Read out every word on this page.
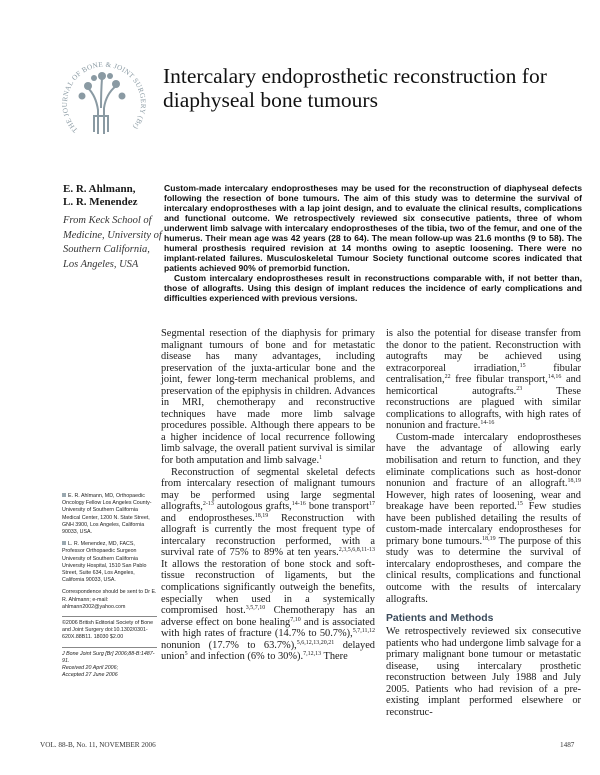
THE JOURNAL OF BONE & JOINT SURGERY (Br)
Intercalary endoprosthetic reconstruction for diaphyseal bone tumours
E. R. Ahlmann,
L. R. Menendez
From Keck School of Medicine, University of Southern California, Los Angeles, USA

Custom-made intercalary endoprostheses may be used for the reconstruction of diaphyseal defects following the resection of bone tumours. The aim of this study was to determine the survival of intercalary endoprostheses with a lap joint design, and to evaluate the clinical results, complications and functional outcome. We retrospectively reviewed six consecutive patients, three of whom underwent limb salvage with intercalary endoprostheses of the tibia, two of the femur, and one of the humerus. Their mean age was 42 years (28 to 64). The mean follow-up was 21.6 months (9 to 58). The humeral prosthesis required revision at 14 months owing to aseptic loosening. There were no implant-related failures. Musculoskeletal Tumour Society functional outcome scores indicated that patients achieved 90% of premorbid function.

Custom intercalary endoprostheses result in reconstructions comparable with, if not better than, those of allografts. Using this design of implant reduces the incidence of early complications and difficulties experienced with previous versions.

Segmental resection of the diaphysis for primary malignant tumours of bone and for metastatic disease has many advantages, including preservation of the juxta-articular bone and the joint, fewer long-term mechanical problems, and preservation of the epiphysis in children. Advances in MRI, chemotherapy and reconstructive techniques have made more limb salvage procedures possible. Although there appears to be a higher incidence of local recurrence following limb salvage, the overall patient survival is similar for both amputation and limb salvage.$^1$

Reconstruction of segmental skeletal defects from intercalary resection of malignant tumours may be performed using large segmental allografts,$^{2-13}$ autologous grafts,$^{14-16}$ bone transport$^{17}$ and endoprostheses.$^{18,19}$ Reconstruction with allograft is currently the most frequent type of intercalary reconstruction performed, with a survival rate of 75% to 89% at ten years.$^{2,3,5,6,8,11-13}$ It allows the restoration of bone stock and soft-tissue reconstruction of ligaments, but the complications significantly outweigh the benefits, especially when used in a systemically compromised host.$^{3,5,7,10}$ Chemotherapy has an adverse effect on bone healing$^{7,10}$ and is associated with high rates of fracture (14.7% to 50.7%),$^{5,7,11,12}$ nonunion (17.7% to 63.7%),$^{5,6,12,13,20,21}$ delayed union$^5$ and infection (6% to 30%).$^{7,12,13}$ There

is also the potential for disease transfer from the donor to the patient. Reconstruction with autografts may be achieved using extracorporeal irradiation,$^{15}$ fibular centralisation,$^{22}$ free fibular transport,$^{14,16}$ and hemicortical autografts.$^{23}$ These reconstructions are plagued with similar complications to allografts, with high rates of nonunion and fracture.$^{14-16}$

Custom-made intercalary endoprostheses have the advantage of allowing early mobilisation and return to function, and they eliminate complications such as host-donor nonunion and fracture of an allograft.$^{18,19}$ However, high rates of loosening, wear and breakage have been reported.$^{15}$ Few studies have been published detailing the results of custom-made intercalary endoprostheses for primary bone tumours.$^{18,19}$ The purpose of this study was to determine the survival of intercalary endoprostheses, and compare the clinical results, complications and functional outcome with the results of intercalary allografts.

Patients and Methods

We retrospectively reviewed six consecutive patients who had undergone limb salvage for a primary malignant bone tumour or metastatic disease, using intercalary prosthetic reconstruction between July 1988 and July 2005. Patients who had revision of a pre-existing implant performed elsewhere or reconstruc-

E. R. Ahlmann, MD, Orthopaedic Oncology Fellow Los Angeles County-University of Southern California Medical Center, 1200 N. State Street, GNH 3900, Los Angeles, California 90033, USA.

L. R. Menendez, MD, FACS, Professor Orthopaedic Surgeon University of Southern California University Hospital, 1510 San Pablo Street, Suite 634, Los Angeles, California 90033, USA.

Correspondence should be sent to Dr E. R. Ahlmann; e-mail: ahlmann2002@yahoo.com

©2006 British Editorial Society of Bone and Joint Surgery doi:10.1302/0301-620X.88B11. 18030 $2.00

J Bone Joint Surg [Br] 2006;88-B:1487-91.
Received 20 April 2006;
Accepted 27 June 2006
VOL. 88-B, No. 11, NOVEMBER 2006	1487
